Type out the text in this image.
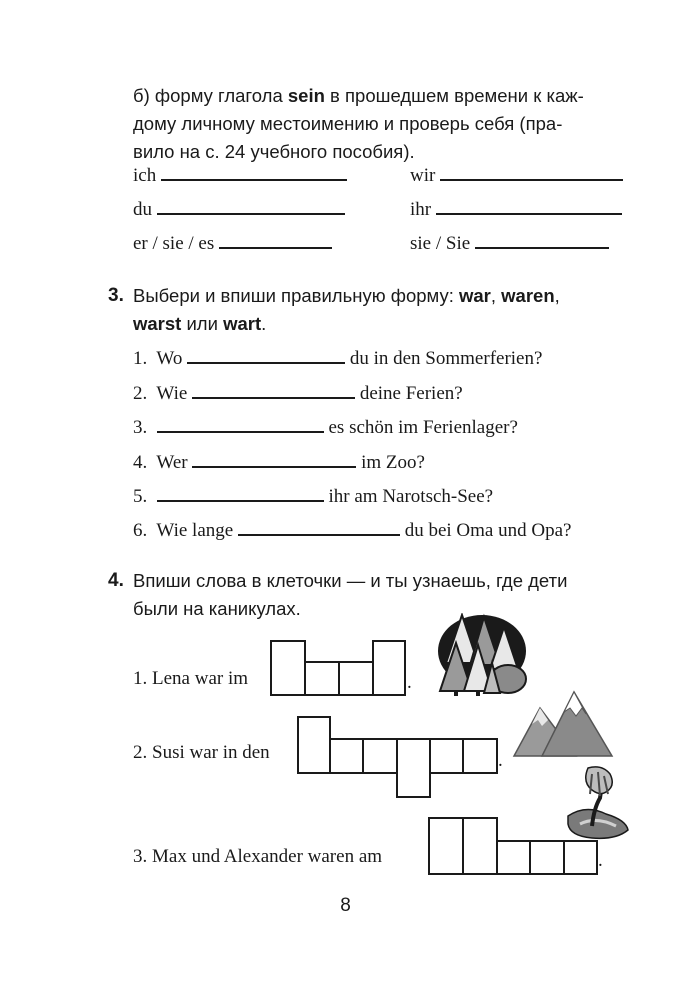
б) форму глагола sein в прошедшем времени к каж-
дому личному местоимению и проверь себя (пра-
вило на с. 24 учебного пособия).
ich	wir
du	ihr
er / sie / es	sie / Sie
3. Выбери и впиши правильную форму: war, waren,
warst или wart.
1. Wo	du in den Sommerferien?
2. Wie	deine Ferien?
3.	es schön im Ferienlager?
4. Wer	im Zoo?
5.	ihr am Narotsch-See?
6. Wie lange	du bei Oma und Opa?
4. Впиши слова в клеточки — и ты узнаешь, где дети
были на каникулах.
1. Lena war im	.
2. Susi war in den	.
3. Max und Alexander waren am	.
8
